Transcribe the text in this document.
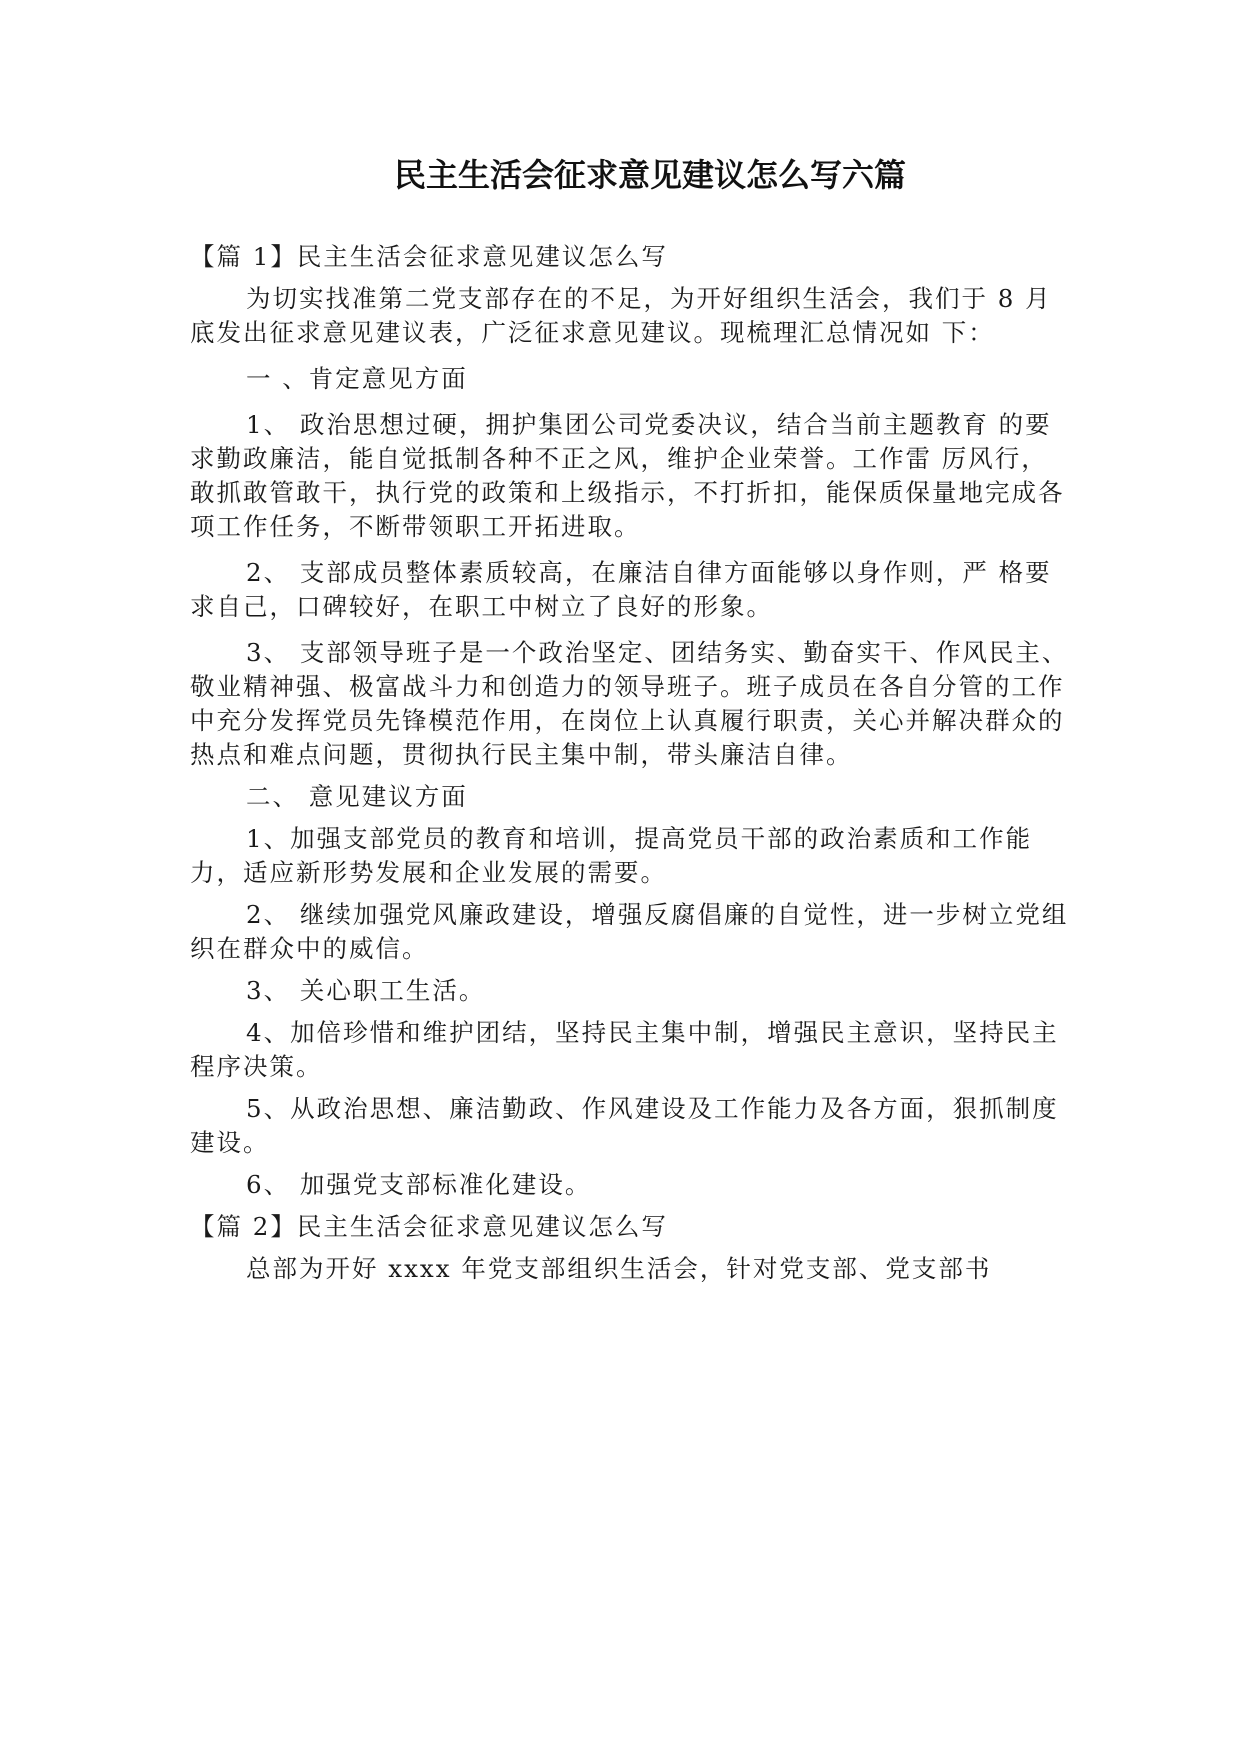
民主生活会征求意见建议怎么写六篇

【篇 1】民主生活会征求意见建议怎么写

为切实找准第二党支部存在的不足，为开好组织生活会，我们于 8 月底发出征求意见建议表，广泛征求意见建议。现梳理汇总情况如 下：

一 、肯定意见方面

1、 政治思想过硬，拥护集团公司党委决议，结合当前主题教育 的要求勤政廉洁，能自觉抵制各种不正之风，维护企业荣誉。工作雷 厉风行，敢抓敢管敢干，执行党的政策和上级指示，不打折扣，能保质保量地完成各项工作任务，不断带领职工开拓进取。

2、 支部成员整体素质较高，在廉洁自律方面能够以身作则，严 格要求自己，口碑较好，在职工中树立了良好的形象。

3、 支部领导班子是一个政治坚定、团结务实、勤奋实干、作风民主、敬业精神强、极富战斗力和创造力的领导班子。班子成员在各自分管的工作中充分发挥党员先锋模范作用，在岗位上认真履行职责，关心并解决群众的热点和难点问题，贯彻执行民主集中制，带头廉洁自律。

二、 意见建议方面

1、加强支部党员的教育和培训，提高党员干部的政治素质和工作能力，适应新形势发展和企业发展的需要。

2、 继续加强党风廉政建设，增强反腐倡廉的自觉性，进一步树立党组织在群众中的威信。

3、 关心职工生活。

4、加倍珍惜和维护团结，坚持民主集中制，增强民主意识，坚持民主程序决策。

5、从政治思想、廉洁勤政、作风建设及工作能力及各方面，狠抓制度建设。

6、 加强党支部标准化建设。

【篇 2】民主生活会征求意见建议怎么写

总部为开好 xxxx 年党支部组织生活会，针对党支部、党支部书
